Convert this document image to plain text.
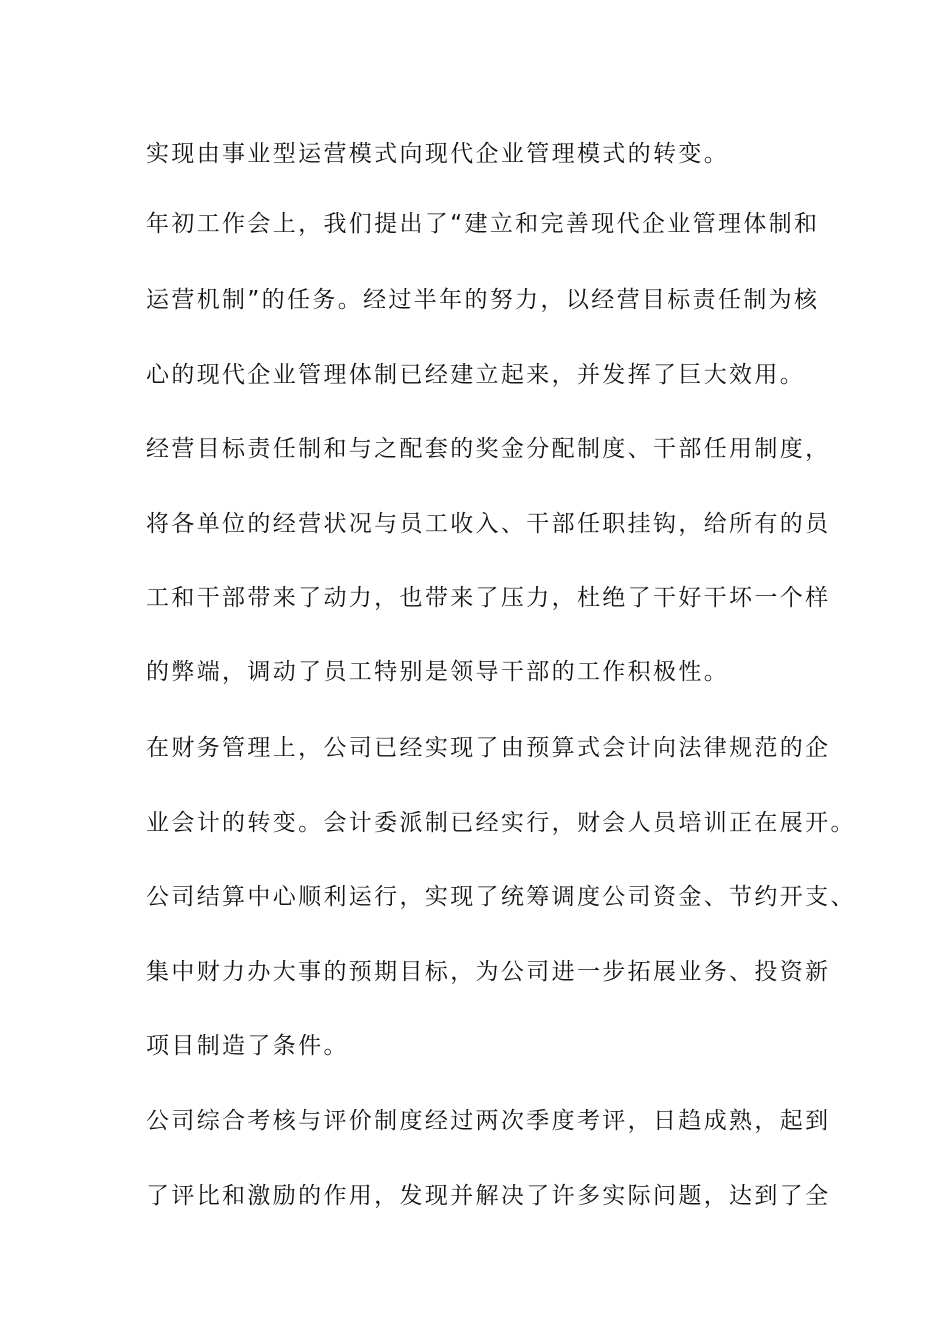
实现由事业型运营模式向现代企业管理模式的转变。
年初工作会上，我们提出了“建立和完善现代企业管理体制和
运营机制”的任务。经过半年的努力，以经营目标责任制为核
心的现代企业管理体制已经建立起来，并发挥了巨大效用。
经营目标责任制和与之配套的奖金分配制度、干部任用制度，
将各单位的经营状况与员工收入、干部任职挂钩，给所有的员
工和干部带来了动力，也带来了压力，杜绝了干好干坏一个样
的弊端，调动了员工特别是领导干部的工作积极性。
在财务管理上，公司已经实现了由预算式会计向法律规范的企
业会计的转变。会计委派制已经实行，财会人员培训正在展开。
公司结算中心顺利运行，实现了统筹调度公司资金、节约开支、
集中财力办大事的预期目标，为公司进一步拓展业务、投资新
项目制造了条件。
公司综合考核与评价制度经过两次季度考评，日趋成熟，起到
了评比和激励的作用，发现并解决了许多实际问题，达到了全
